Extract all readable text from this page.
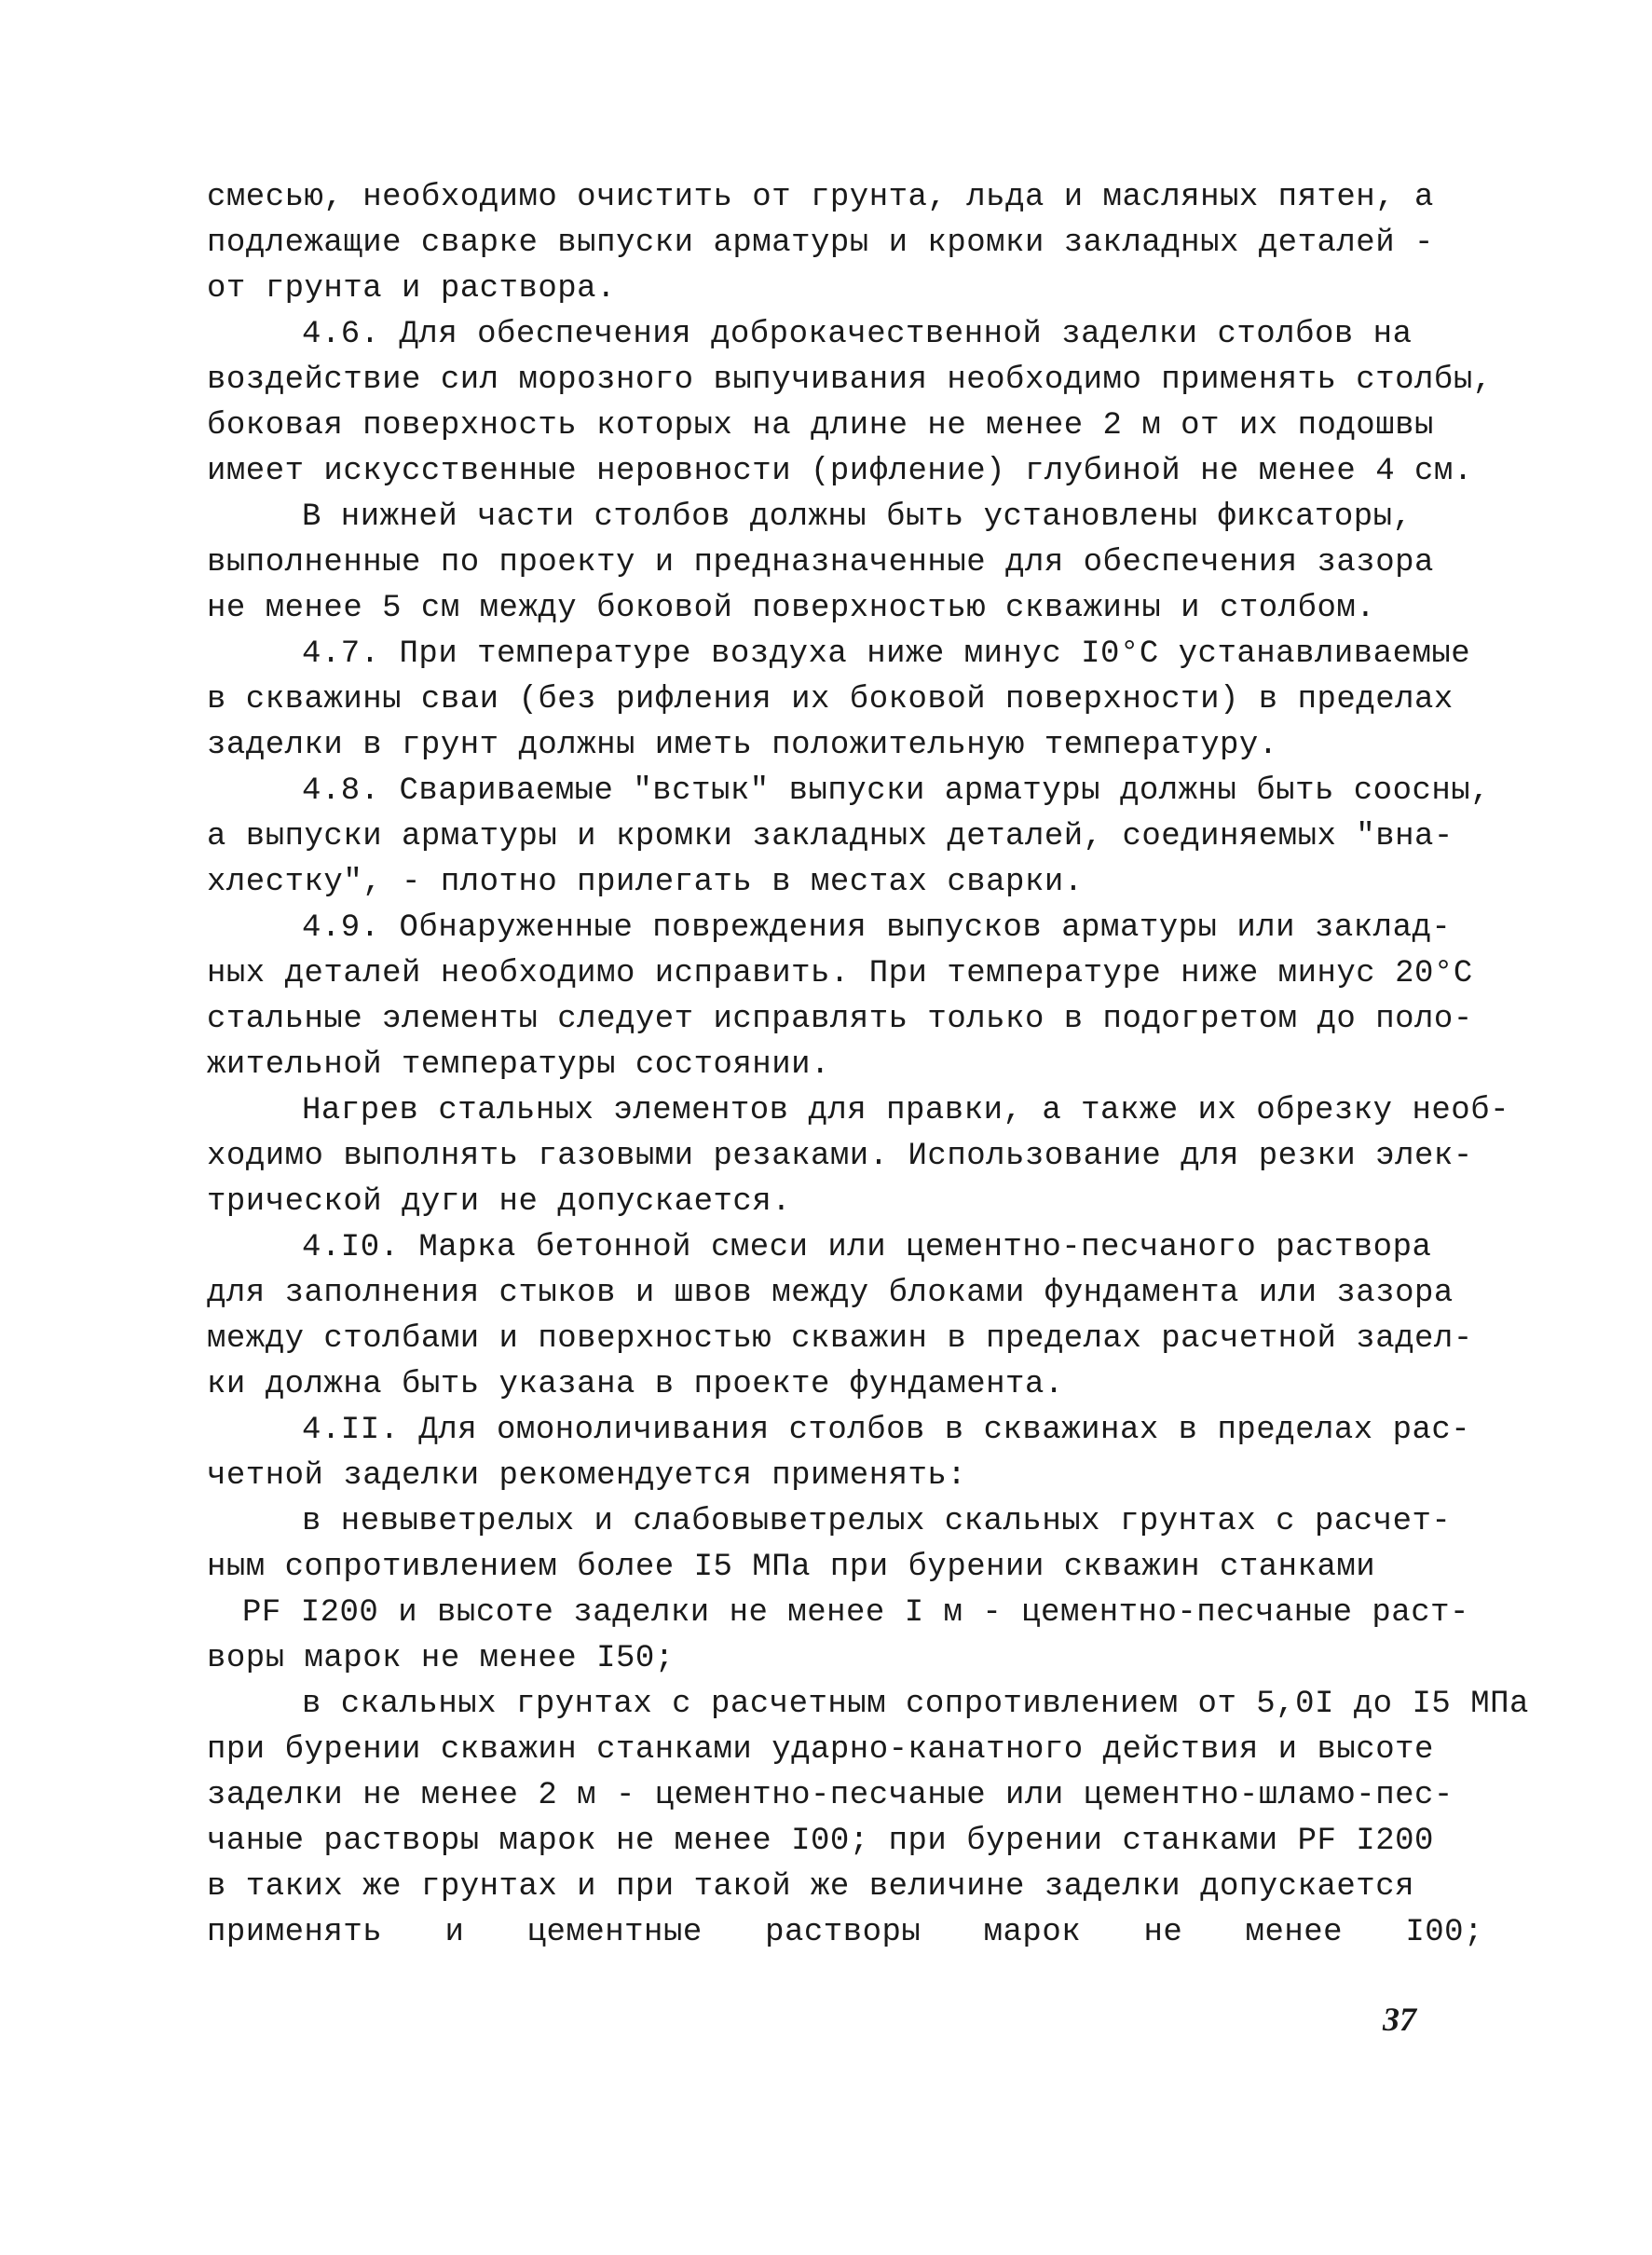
смесью, необходимо очистить от грунта, льда и масляных пятен, а
подлежащие сварке выпуски арматуры и кромки закладных деталей -
от грунта и раствора.
4.6. Для обеспечения доброкачественной заделки столбов на
воздействие сил морозного выпучивания необходимо применять столбы,
боковая поверхность которых на длине не менее 2 м от их подошвы
имеет искусственные неровности (рифление) глубиной не менее 4 см.
В нижней части столбов должны быть установлены фиксаторы,
выполненные по проекту и предназначенные для обеспечения зазора
не менее 5 см между боковой поверхностью скважины и столбом.
4.7. При температуре воздуха ниже минус I0°С устанавливаемые
в скважины сваи (без рифления их боковой поверхности) в пределах
заделки в грунт должны иметь положительную температуру.
4.8. Свариваемые "встык" выпуски арматуры должны быть соосны,
а выпуски арматуры и кромки закладных деталей, соединяемых "вна-
хлестку", - плотно прилегать в местах сварки.
4.9. Обнаруженные повреждения выпусков арматуры или заклад-
ных деталей необходимо исправить. При температуре ниже минус 20°С
стальные элементы следует исправлять только в подогретом до поло-
жительной температуры состоянии.
Нагрев стальных элементов для правки, а также их обрезку необ-
ходимо выполнять газовыми резаками. Использование для резки элек-
трической дуги не допускается.
4.I0. Марка бетонной смеси или цементно-песчаного раствора
для заполнения стыков и швов между блоками фундамента или зазора
между столбами и поверхностью скважин в пределах расчетной задел-
ки должна быть указана в проекте фундамента.
4.II. Для омоноличивания столбов в скважинах в пределах рас-
четной заделки рекомендуется применять:
в невыветрелых и слабовыветрелых скальных грунтах с расчет-
ным сопротивлением более I5 МПа при бурении скважин станками
PF I200 и высоте заделки не менее I м - цементно-песчаные раст-
воры марок не менее I50;
в скальных грунтах с расчетным сопротивлением от 5,0I до I5 МПа
при бурении скважин станками ударно-канатного действия и высоте
заделки не менее 2 м - цементно-песчаные или цементно-шламо-пес-
чаные растворы марок не менее I00; при бурении станками PF I200
в таких же грунтах и при такой же величине заделки допускается
применять и цементные растворы марок не менее I00;
37
